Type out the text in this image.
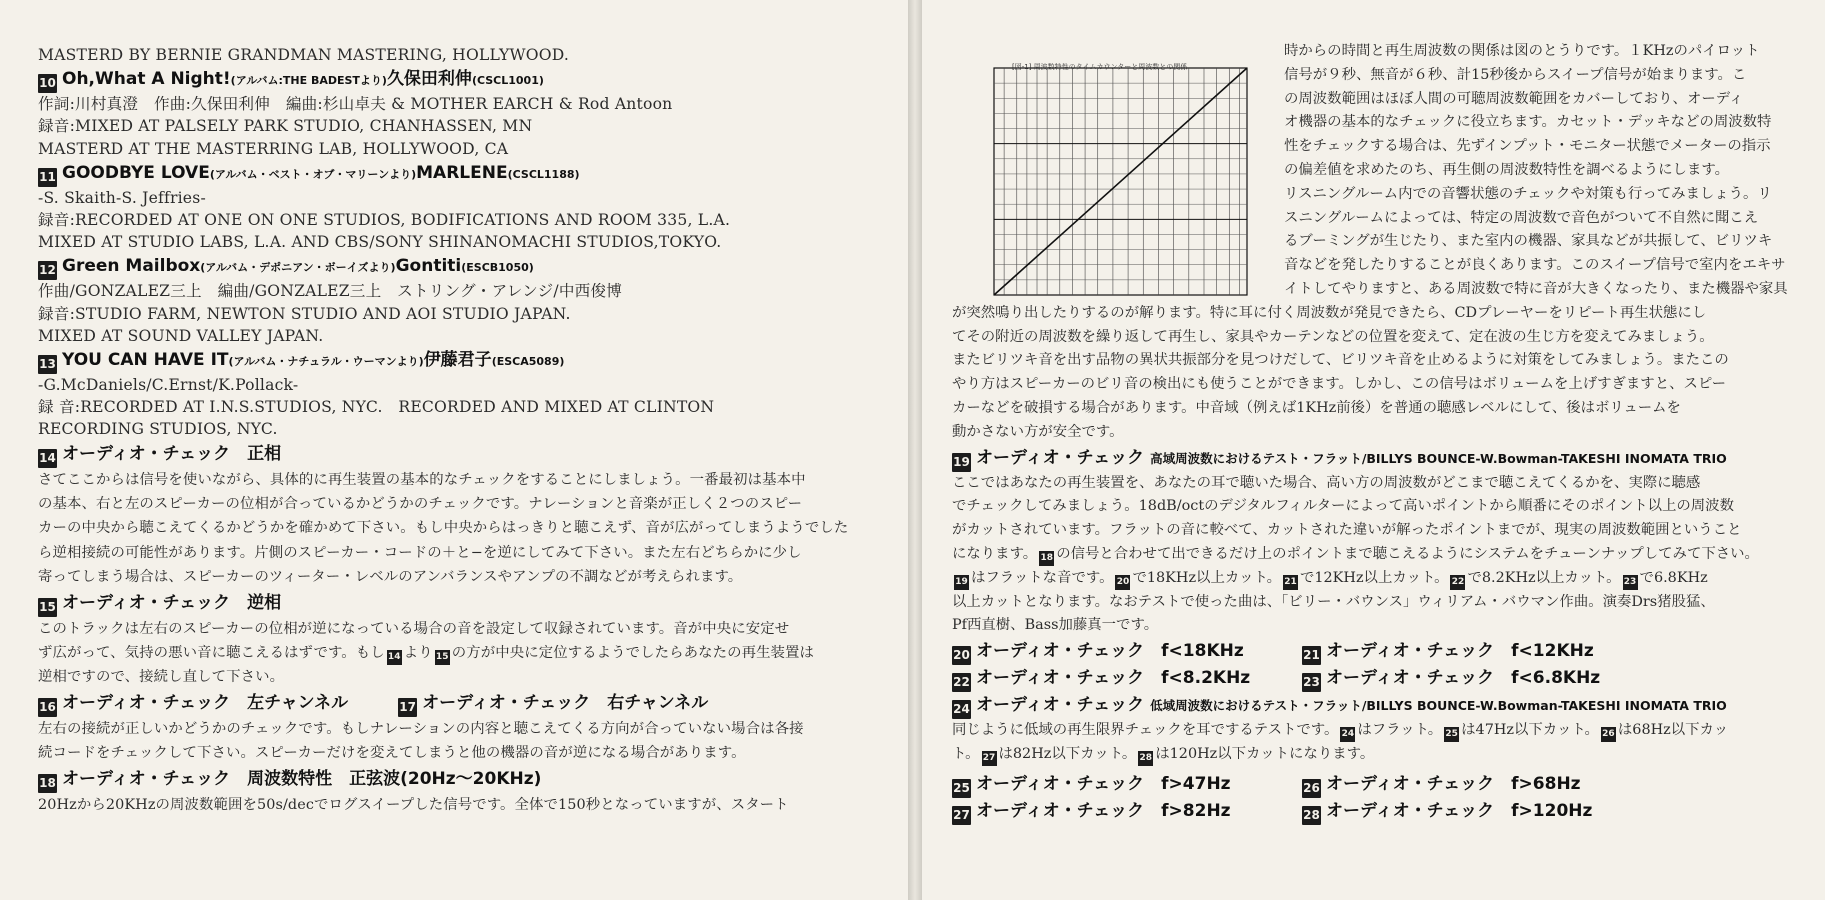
MASTERD BY BERNIE GRANDMAN MASTERING, HOLLYWOOD.
10 Oh,What A Night!(アルバム:THE BADESTより)久保田利伸(CSCL1001)
作詞:川村真澄　作曲:久保田利伸　編曲:杉山卓夫 & MOTHER EARCH & Rod Antoon
録音:MIXED AT PALSELY PARK STUDIO, CHANHASSEN, MN
MASTERD AT THE MASTERRING LAB, HOLLYWOOD, CA
11 GOODBYE LOVE(アルバム・ベスト・オブ・マリーンより)MARLENE(CSCL1188)
-S. Skaith-S. Jeffries-
録音:RECORDED AT ONE ON ONE STUDIOS, BODIFICATIONS AND ROOM 335, L.A.
MIXED AT STUDIO LABS, L.A. AND CBS/SONY SHINANOMACHI STUDIOS,TOKYO.
12 Green Mailbox(アルバム・デポニアン・ボーイズより)Gontiti(ESCB1050)
作曲/GONZALEZ三上　編曲/GONZALEZ三上　ストリング・アレンジ/中西俊博
録音:STUDIO FARM, NEWTON STUDIO AND AOI STUDIO JAPAN.
MIXED AT SOUND VALLEY JAPAN.
13 YOU CAN HAVE IT(アルバム・ナチュラル・ウーマンより)伊藤君子(ESCA5089)
-G.McDaniels/C.Ernst/K.Pollack-
録 音:RECORDED AT I.N.S.STUDIOS, NYC.　RECORDED AND MIXED AT CLINTON
RECORDING STUDIOS, NYC.
14 オーディオ・チェック　正相
さてここからは信号を使いながら、具体的に再生装置の基本的なチェックをすることにしましょう。一番最初は基本中
の基本、右と左のスピーカーの位相が合っているかどうかのチェックです。ナレーションと音楽が正しく２つのスピー
カーの中央から聴こえてくるかどうかを確かめて下さい。もし中央からはっきりと聴こえず、音が広がってしまうようでした
ら逆相接続の可能性があります。片側のスピーカー・コードの＋と−を逆にしてみて下さい。また左右どちらかに少し
寄ってしまう場合は、スピーカーのツィーター・レベルのアンバランスやアンプの不調などが考えられます。
15 オーディオ・チェック　逆相
このトラックは左右のスピーカーの位相が逆になっている場合の音を設定して収録されています。音が中央に安定せ
ず広がって、気持の悪い音に聴こえるはずです。もし 14 より 15 の方が中央に定位するようでしたらあなたの再生装置は
逆相ですので、接続し直して下さい。
16 オーディオ・チェック　左チャンネル	17 オーディオ・チェック　右チャンネル
左右の接続が正しいかどうかのチェックです。もしナレーションの内容と聴こえてくる方向が合っていない場合は各接
続コードをチェックして下さい。スピーカーだけを変えてしまうと他の機器の音が逆になる場合があります。
18 オーディオ・チェック　周波数特性　正弦波(20Hz〜20KHz)
20Hzから20KHzの周波数範囲を50s/decでログスイープした信号です。全体で150秒となっていますが、スタート
[図-1] 周波数特性のタイムカウンターと周波数との関係
時からの時間と再生周波数の関係は図のとうりです。１KHzのパイロット
信号が９秒、無音が６秒、計15秒後からスイープ信号が始まります。こ
の周波数範囲はほぼ人間の可聴周波数範囲をカバーしており、オーディ
オ機器の基本的なチェックに役立ちます。カセット・デッキなどの周波数特
性をチェックする場合は、先ずインプット・モニター状態でメーターの指示
の偏差値を求めたのち、再生側の周波数特性を調べるようにします。
リスニングルーム内での音響状態のチェックや対策も行ってみましょう。リ
スニングルームによっては、特定の周波数で音色がついて不自然に聞こえ
るブーミングが生じたり、また室内の機器、家具などが共振して、ビリツキ
音などを発したりすることが良くあります。このスイープ信号で室内をエキサ
イトしてやりますと、ある周波数で特に音が大きくなったり、また機器や家具
が突然鳴り出したりするのが解ります。特に耳に付く周波数が発見できたら、CDプレーヤーをリピート再生状態にし
てその附近の周波数を繰り返して再生し、家具やカーテンなどの位置を変えて、定在波の生じ方を変えてみましょう。
またビリツキ音を出す品物の異状共振部分を見つけだして、ビリツキ音を止めるように対策をしてみましょう。またこの
やり方はスピーカーのビリ音の検出にも使うことができます。しかし、この信号はボリュームを上げすぎますと、スピー
カーなどを破損する場合があります。中音域（例えば1KHz前後）を普通の聴感レベルにして、後はボリュームを
動かさない方が安全です。
19 オーディオ・チェック 高域周波数におけるテスト・フラット/BILLYS BOUNCE-W.Bowman-TAKESHI INOMATA TRIO
ここではあなたの再生装置を、あなたの耳で聴いた場合、高い方の周波数がどこまで聴こえてくるかを、実際に聴感
でチェックしてみましょう。18dB/octのデジタルフィルターによって高いポイントから順番にそのポイント以上の周波数
がカットされています。フラットの音に較べて、カットされた違いが解ったポイントまでが、現実の周波数範囲ということ
になります。 18 の信号と合わせて出できるだけ上のポイントまで聴こえるようにシステムをチューンナップしてみて下さい。
19 はフラットな音です。 20 で18KHz以上カット。 21 で12KHz以上カット。 22 で8.2KHz以上カット。 23 で6.8KHz
以上カットとなります。なおテストで使った曲は、「ビリー・バウンス」ウィリアム・バウマン作曲。演奏Drs猪股猛、
Pf西直樹、Bass加藤真一です。
20 オーディオ・チェック　 f<18KHz	21 オーディオ・チェック　 f<12KHz
22 オーディオ・チェック　 f<8.2KHz	23 オーディオ・チェック　 f<6.8KHz
24 オーディオ・チェック 低域周波数におけるテスト・フラット/BILLYS BOUNCE-W.Bowman-TAKESHI INOMATA TRIO
同じように低域の再生限界チェックを耳でするテストです。 24 はフラット。 25 は47Hz以下カット。 26 は68Hz以下カッ
ト。 27 は82Hz以下カット。 28 は120Hz以下カットになります。
25 オーディオ・チェック　 f>47Hz	26 オーディオ・チェック　 f>68Hz
27 オーディオ・チェック　 f>82Hz	28 オーディオ・チェック　 f>120Hz
